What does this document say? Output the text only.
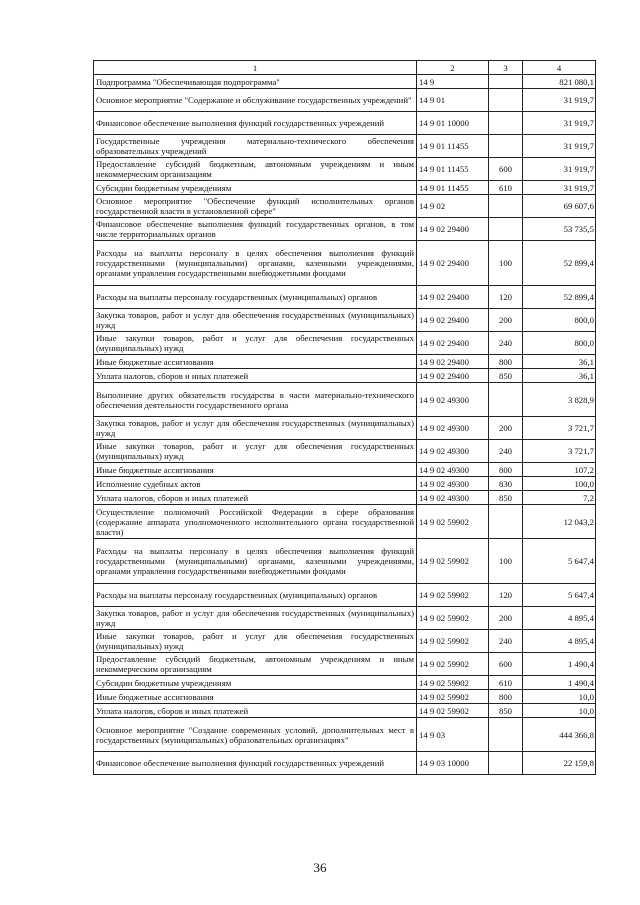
1	2	3	4
Подпрограмма "Обеспечивающая подпрограмма"	14 9		821 080,1
Основное мероприятие "Содержание и обслуживание государственных учреждений"	14 9 01		31 919,7
Финансовое обеспечение выполнения функций государственных учреждений	14 9 01 10000		31 919,7
Государственные учреждения материально-технического обеспечения образовательных учреждений	14 9 01 11455		31 919,7
Предоставление субсидий бюджетным, автономным учреждениям и иным некоммерческим организациям	14 9 01 11455	600	31 919,7
Субсидии бюджетным учреждениям	14 9 01 11455	610	31 919,7
Основное мероприятие "Обеспечение функций исполнительных органов государственной власти в установленной сфере"	14 9 02		69 607,6
Финансовое обеспечение выполнения функций государственных органов, в том числе территориальных органов	14 9 02 29400		53 735,5
Расходы на выплаты персоналу в целях обеспечения выполнения функций государственными (муниципальными) органами, казенными учреждениями, органами управления государственными внебюджетными фондами	14 9 02 29400	100	52 899,4
Расходы на выплаты персоналу государственных (муниципальных) органов	14 9 02 29400	120	52 899,4
Закупка товаров, работ и услуг для обеспечения государственных (муниципальных) нужд	14 9 02 29400	200	800,0
Иные закупки товаров, работ и услуг для обеспечения государственных (муниципальных) нужд	14 9 02 29400	240	800,0
Иные бюджетные ассигнования	14 9 02 29400	800	36,1
Уплата налогов, сборов и иных платежей	14 9 02 29400	850	36,1
Выполнение других обязательств государства в части материально-технического обеспечения деятельности государственного органа	14 9 02 49300		3 828,9
Закупка товаров, работ и услуг для обеспечения государственных (муниципальных) нужд	14 9 02 49300	200	3 721,7
Иные закупки товаров, работ и услуг для обеспечения государственных (муниципальных) нужд	14 9 02 49300	240	3 721,7
Иные бюджетные ассигнования	14 9 02 49300	800	107,2
Исполнение судебных актов	14 9 02 49300	830	100,0
Уплата налогов, сборов и иных платежей	14 9 02 49300	850	7,2
Осуществление полномочий Российской Федерации в сфере образования (содержание аппарата уполномоченного исполнительного органа государственной власти)	14 9 02 59902		12 043,2
Расходы на выплаты персоналу в целях обеспечения выполнения функций государственными (муниципальными) органами, казенными учреждениями, органами управления государственными внебюджетными фондами	14 9 02 59902	100	5 647,4
Расходы на выплаты персоналу государственных (муниципальных) органов	14 9 02 59902	120	5 647,4
Закупка товаров, работ и услуг для обеспечения государственных (муниципальных) нужд	14 9 02 59902	200	4 895,4
Иные закупки товаров, работ и услуг для обеспечения государственных (муниципальных) нужд	14 9 02 59902	240	4 895,4
Предоставление субсидий бюджетным, автономным учреждениям и иным некоммерческим организациям	14 9 02 59902	600	1 490,4
Субсидии бюджетным учреждениям	14 9 02 59902	610	1 490,4
Иные бюджетные ассигнования	14 9 02 59902	800	10,0
Уплата налогов, сборов и иных платежей	14 9 02 59902	850	10,0
Основное мероприятие "Создание современных условий, дополнительных мест в государственных (муниципальных) образовательных организациях"	14 9 03		444 366,8
Финансовое обеспечение выполнения функций государственных учреждений	14 9 03 10000		22 159,8
36
